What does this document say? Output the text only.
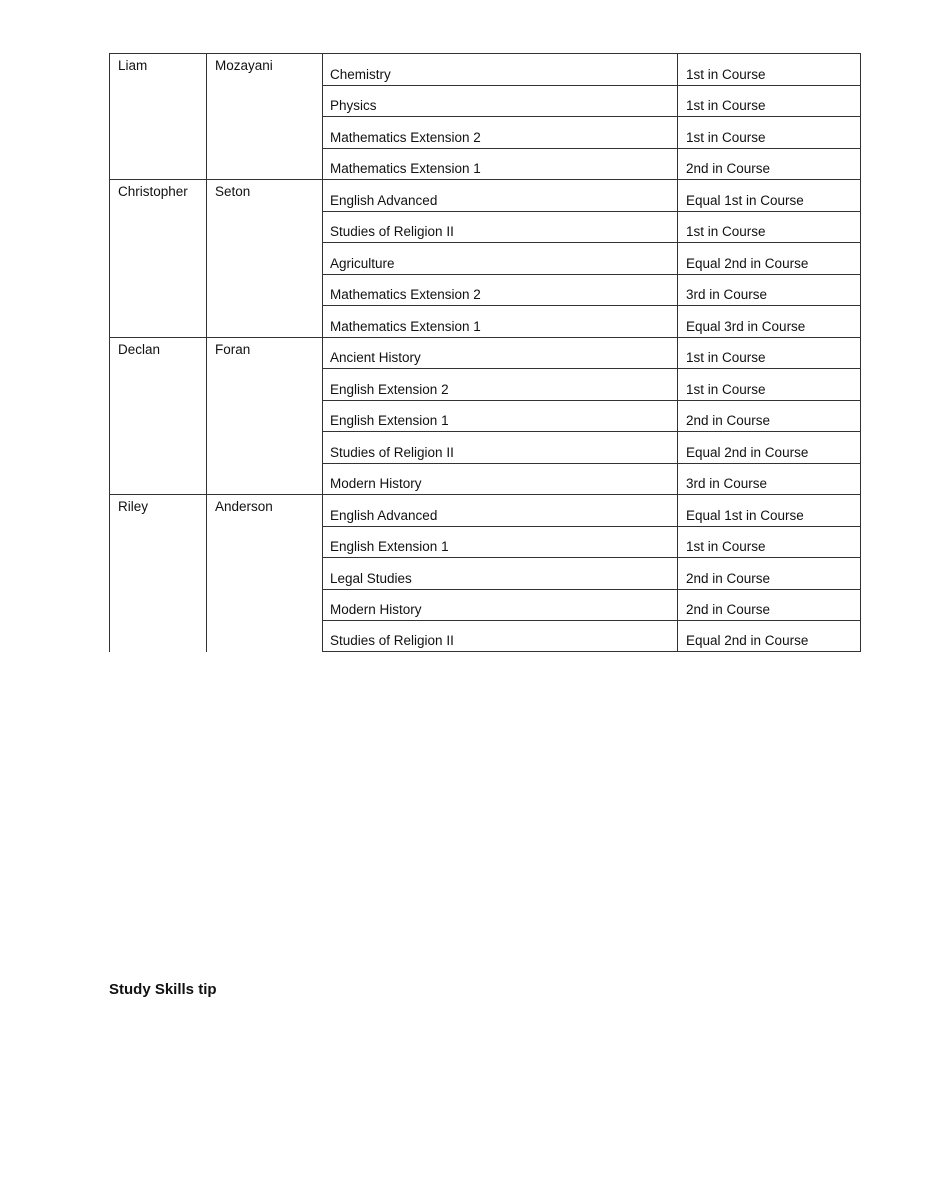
Liam	Mozayani
Chemistry	1st in Course
Physics	1st in Course
Mathematics Extension 2	1st in Course
Mathematics Extension 1	2nd in Course
Christopher	Seton
English Advanced	Equal 1st in Course
Studies of Religion II	1st in Course
Agriculture	Equal 2nd in Course
Mathematics Extension 2	3rd in Course
Mathematics Extension 1	Equal 3rd in Course
Declan	Foran
Ancient History	1st in Course
English Extension 2	1st in Course
English Extension 1	2nd in Course
Studies of Religion II	Equal 2nd in Course
Modern History	3rd in Course
Riley	Anderson
English Advanced	Equal 1st in Course
English Extension 1	1st in Course
Legal Studies	2nd in Course
Modern History	2nd in Course
Studies of Religion II	Equal 2nd in Course
Study Skills tip
